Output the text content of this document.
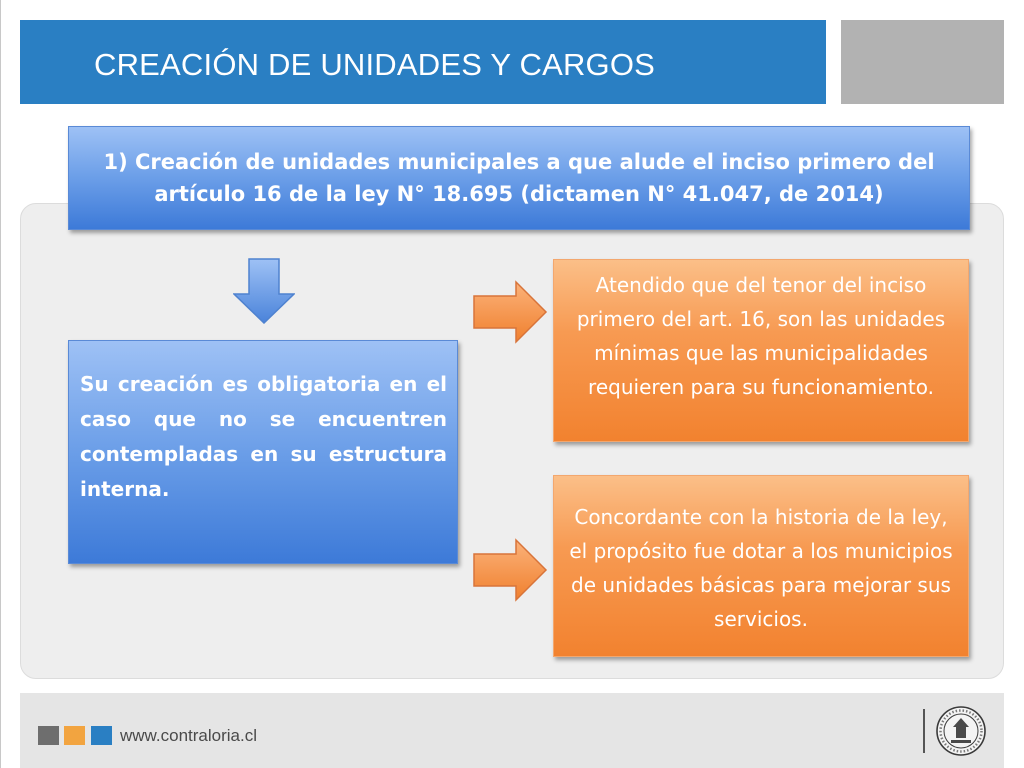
CREACIÓN DE UNIDADES Y CARGOS
1) Creación de unidades municipales a que alude el inciso primero del artículo 16 de la ley N° 18.695 (dictamen N° 41.047, de 2014)
Su creación es obligatoria en el caso que no se encuentren contempladas en su estructura interna.
Atendido que del tenor del inciso primero del art. 16, son las unidades mínimas que las municipalidades requieren para su funcionamiento.
Concordante con la historia de la ley, el propósito fue dotar a los municipios de unidades básicas para mejorar sus servicios.
www.contraloria.cl
